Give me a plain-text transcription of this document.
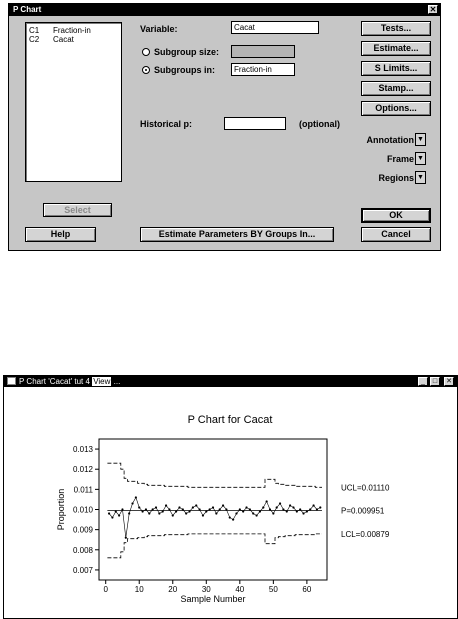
P Chart	✕
C1 Fraction-in
C2 Cacat
Variable:	Cacat
Subgroup size:
Subgroups in:	Fraction-in
Historical p:	(optional)
Tests...
Estimate...
S Limits...
Stamp...
Options...
Annotation ▼
Frame ▼
Regions ▼
Select	OK
Help	Estimate Parameters BY Groups In...	Cancel
P Chart 'Cacat' tut 4 View ...	_	□	✕
P Chart for Cacat
0.007
0.008
0.009
0.010
0.011
0.012
0.013
0	10	20	30	40	50	60
Sample Number
Proportion
UCL=0.01110
P=0.009951
LCL=0.00879
